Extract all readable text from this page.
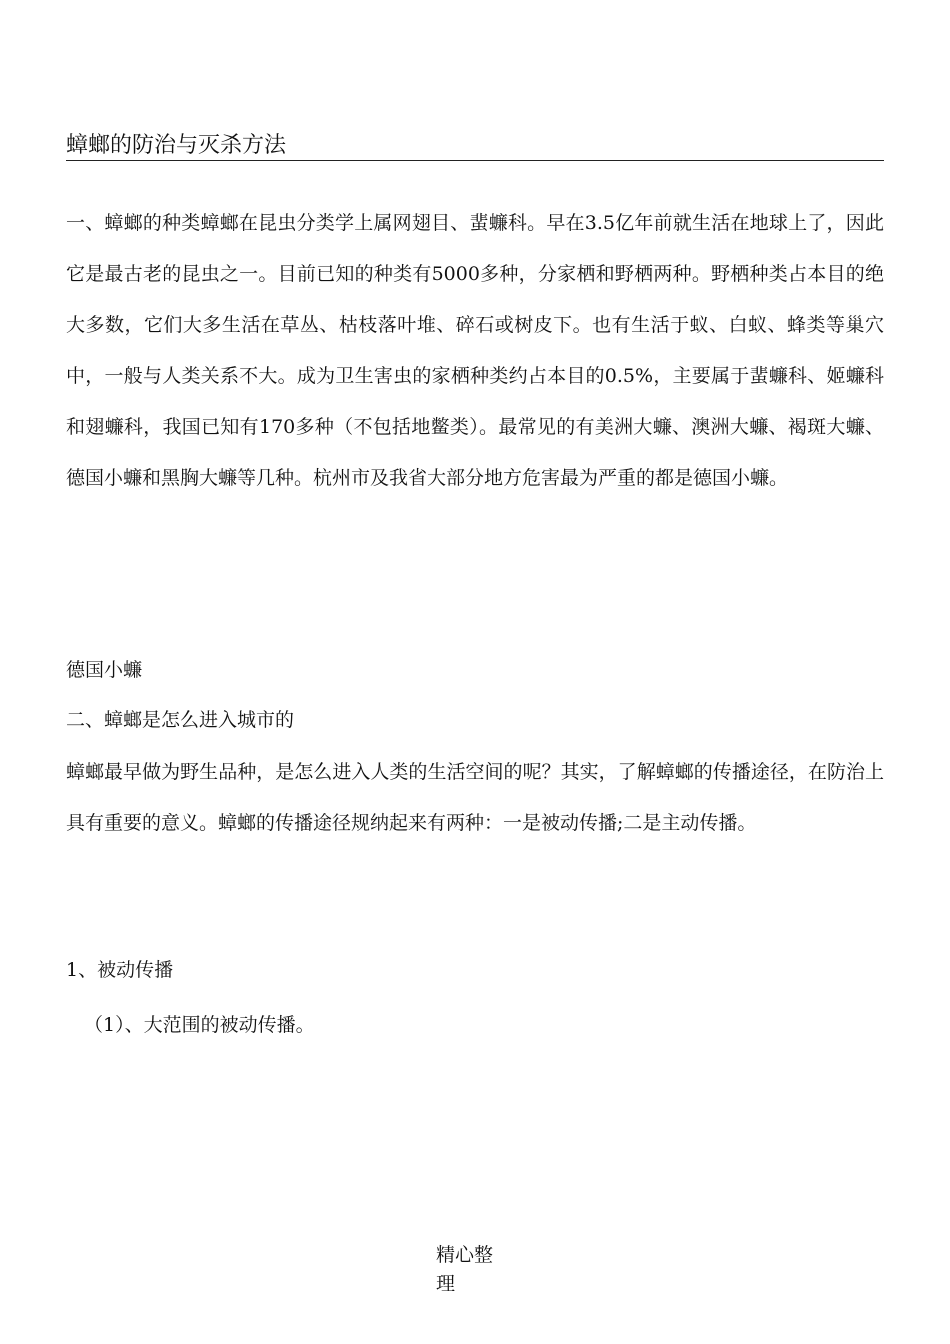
蟑螂的防治与灭杀方法

一、蟑螂的种类蟑螂在昆虫分类学上属网翅目、蜚蠊科。早在3.5亿年前就生活在地球上了，因此它是最古老的昆虫之一。目前已知的种类有5000多种，分家栖和野栖两种。野栖种类占本目的绝大多数，它们大多生活在草丛、枯枝落叶堆、碎石或树皮下。也有生活于蚁、白蚁、蜂类等巢穴中，一般与人类关系不大。成为卫生害虫的家栖种类约占本目的0.5%，主要属于蜚蠊科、姬蠊科和翅蠊科，我国已知有170多种（不包括地鳖类）。最常见的有美洲大蠊、澳洲大蠊、褐斑大蠊、德国小蠊和黑胸大蠊等几种。杭州市及我省大部分地方危害最为严重的都是德国小蠊。

德国小蠊

二、蟑螂是怎么进入城市的

蟑螂最早做为野生品种，是怎么进入人类的生活空间的呢？其实，了解蟑螂的传播途径，在防治上具有重要的意义。蟑螂的传播途径规纳起来有两种：一是被动传播;二是主动传播。

1、被动传播

（1）、大范围的被动传播。

精心整理
